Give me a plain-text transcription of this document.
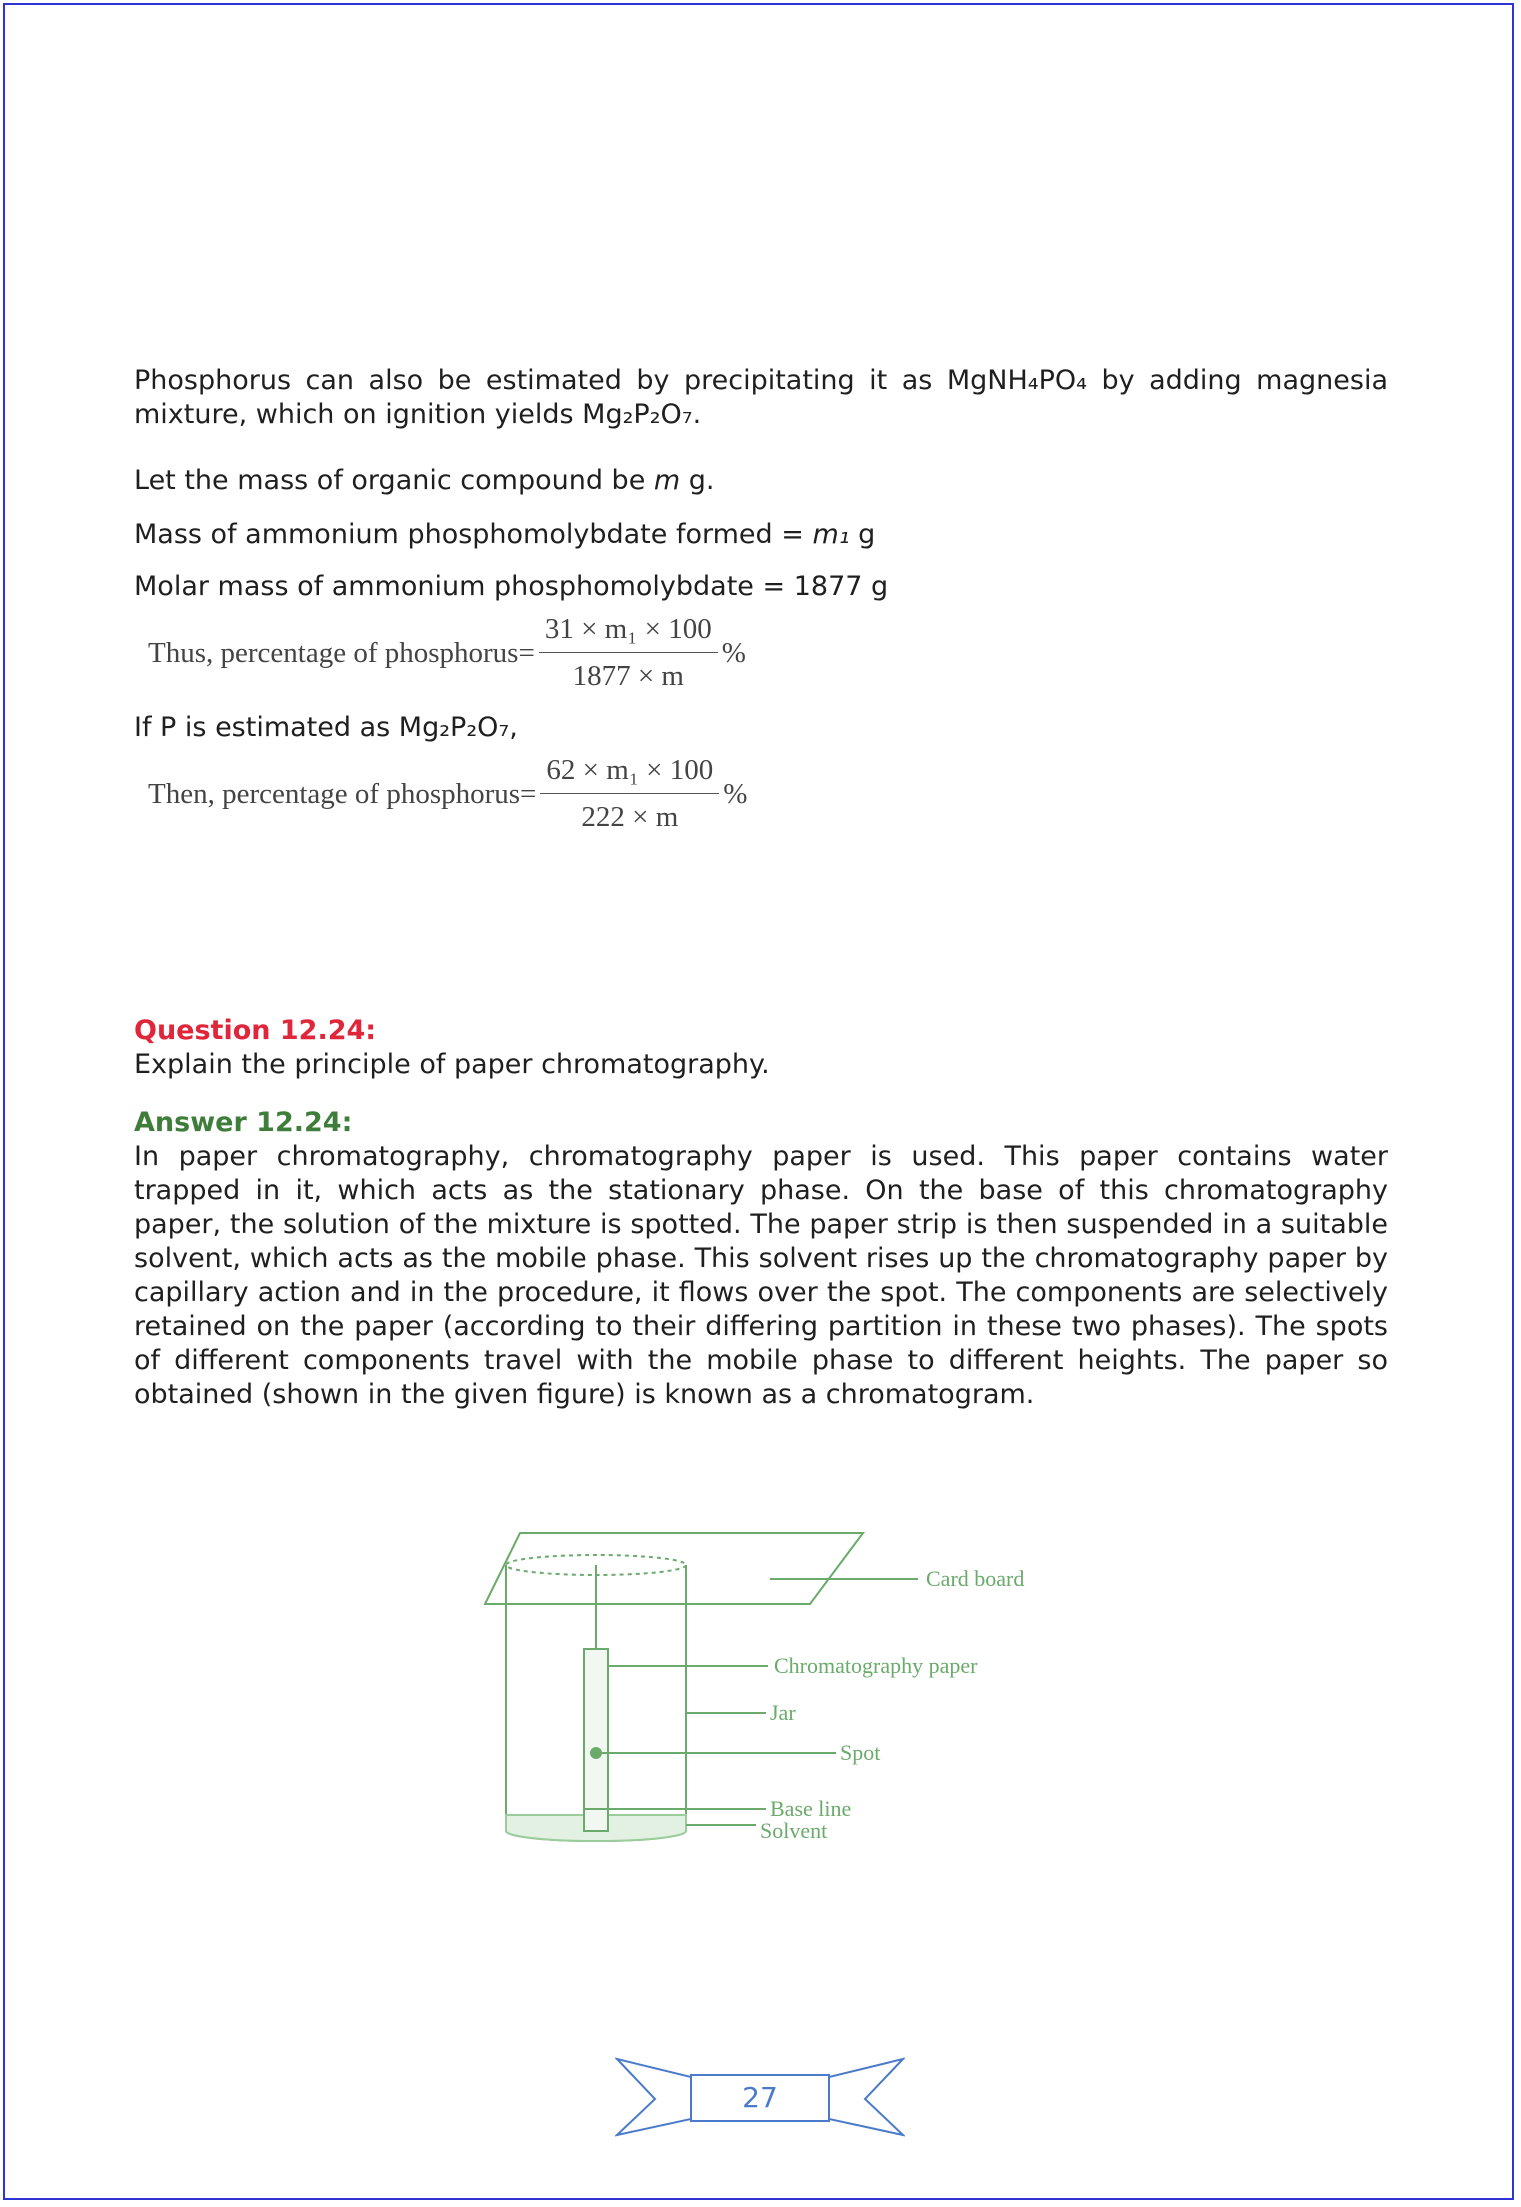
Phosphorus can also be estimated by precipitating it as MgNH₄PO₄ by adding magnesia

mixture, which on ignition yields Mg₂P₂O₇.

Let the mass of organic compound be m g.

Mass of ammonium phosphomolybdate formed = m₁ g

Molar mass of ammonium phosphomolybdate = 1877 g

Thus, percentage of phosphorus = $\frac{\text{31 × m₁ × 100}}{1877 \times m}$ %

If P is estimated as Mg₂P₂O₇,

Then, percentage of phosphorus = $\frac{\text{62 × m₁ × 100}}{222 \times m}$ %

Question 12.24:

Explain the principle of paper chromatography.

Answer 12.24:

In paper chromatography, chromatography paper is used. This paper contains water trapped in it, which acts as the stationary phase. On the base of this chromatography paper, the solution of the mixture is spotted. The paper strip is then suspended in a suitable solvent, which acts as the mobile phase. This solvent rises up the chromatography paper by capillary action and in the procedure, it flows over the spot. The components are selectively retained on the paper (according to their differing partition in these two phases). The spots of different components travel with the mobile phase to different heights. The paper so obtained (shown in the given figure) is known as a chromatogram.

Card board
Chromatography paper
Jar
Spot
Base line
Solvent
27
